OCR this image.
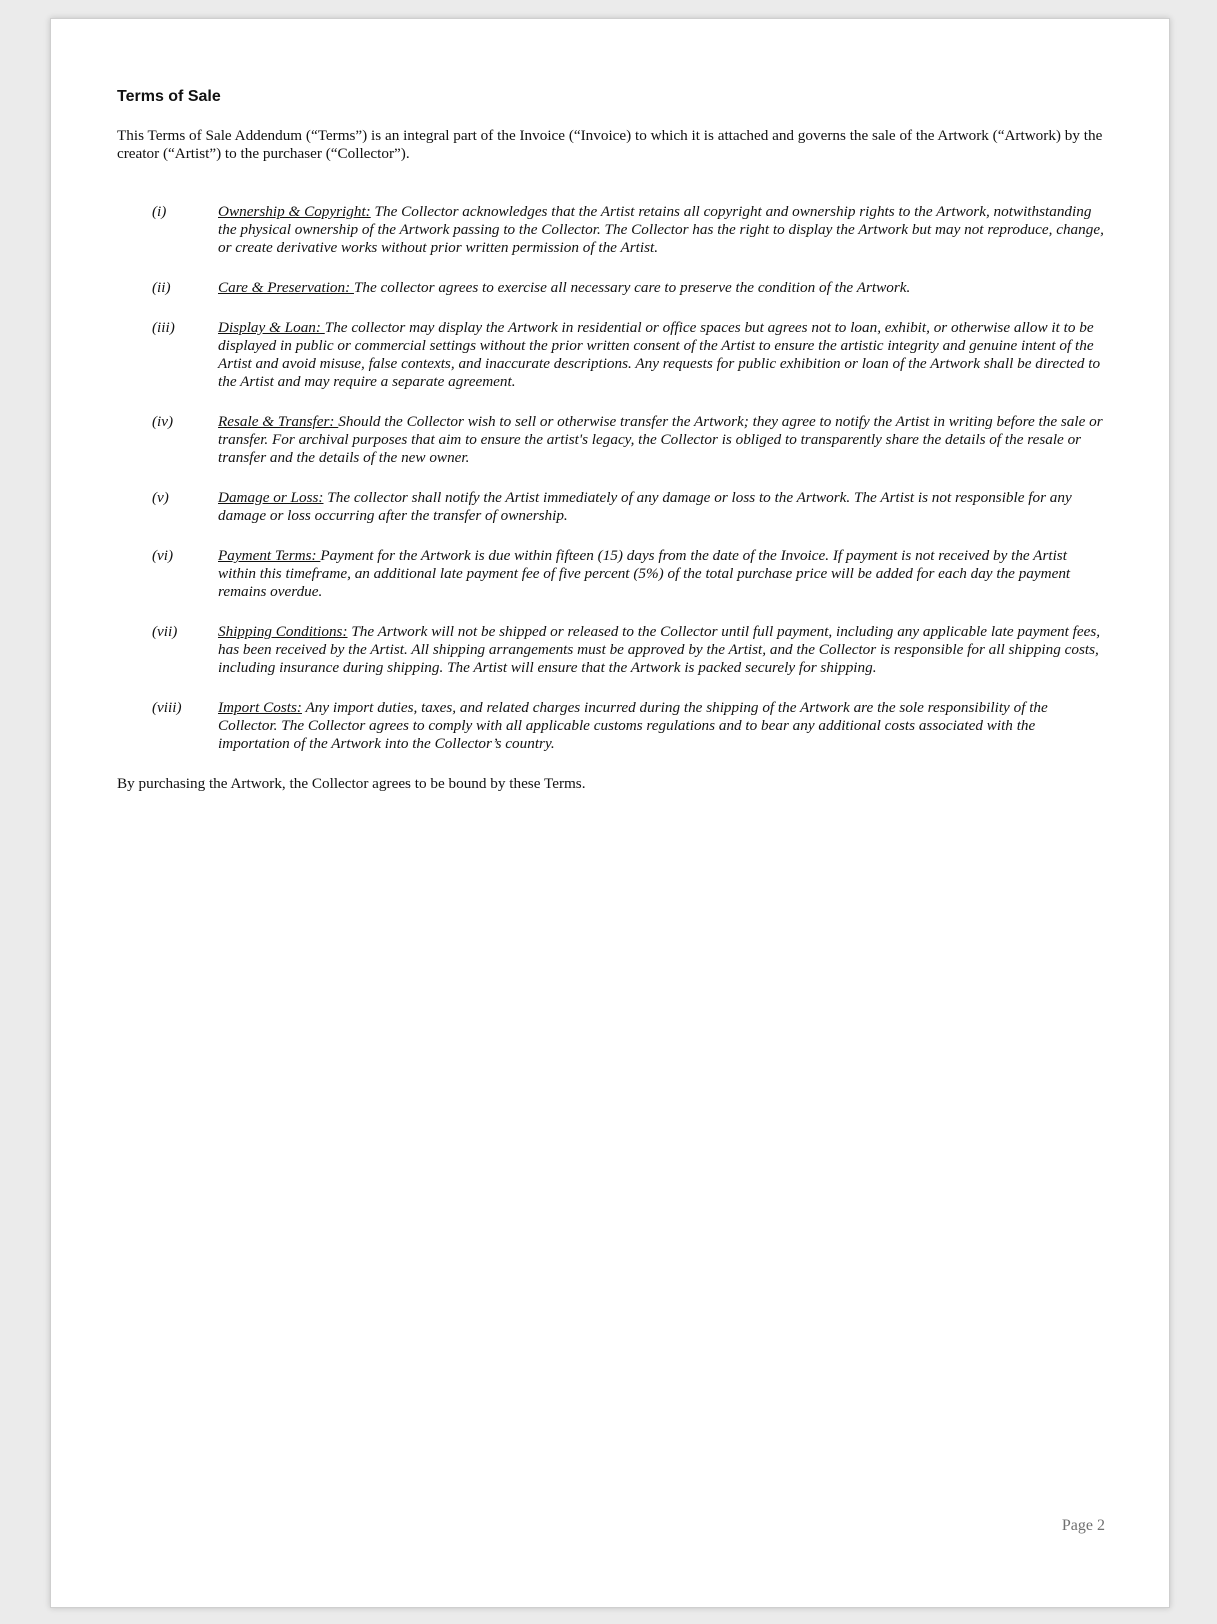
Terms of Sale

This Terms of Sale Addendum (“Terms”) is an integral part of the Invoice (“Invoice) to which it is attached and governs the sale of the Artwork (“Artwork) by the creator (“Artist”) to the purchaser (“Collector”).

(i)	Ownership & Copyright: The Collector acknowledges that the Artist retains all copyright and ownership rights to the Artwork, notwithstanding the physical ownership of the Artwork passing to the Collector. The Collector has the right to display the Artwork but may not reproduce, change, or create derivative works without prior written permission of the Artist.
(ii)	Care & Preservation: The collector agrees to exercise all necessary care to preserve the condition of the Artwork.
(iii)	Display & Loan: The collector may display the Artwork in residential or office spaces but agrees not to loan, exhibit, or otherwise allow it to be displayed in public or commercial settings without the prior written consent of the Artist to ensure the artistic integrity and genuine intent of the Artist and avoid misuse, false contexts, and inaccurate descriptions. Any requests for public exhibition or loan of the Artwork shall be directed to the Artist and may require a separate agreement.
(iv)	Resale & Transfer: Should the Collector wish to sell or otherwise transfer the Artwork; they agree to notify the Artist in writing before the sale or transfer. For archival purposes that aim to ensure the artist's legacy, the Collector is obliged to transparently share the details of the resale or transfer and the details of the new owner.
(v)	Damage or Loss: The collector shall notify the Artist immediately of any damage or loss to the Artwork. The Artist is not responsible for any damage or loss occurring after the transfer of ownership.
(vi)	Payment Terms: Payment for the Artwork is due within fifteen (15) days from the date of the Invoice. If payment is not received by the Artist within this timeframe, an additional late payment fee of five percent (5%) of the total purchase price will be added for each day the payment remains overdue.
(vii)	Shipping Conditions: The Artwork will not be shipped or released to the Collector until full payment, including any applicable late payment fees, has been received by the Artist. All shipping arrangements must be approved by the Artist, and the Collector is responsible for all shipping costs, including insurance during shipping. The Artist will ensure that the Artwork is packed securely for shipping.
(viii)	Import Costs: Any import duties, taxes, and related charges incurred during the shipping of the Artwork are the sole responsibility of the Collector. The Collector agrees to comply with all applicable customs regulations and to bear any additional costs associated with the importation of the Artwork into the Collector’s country.

By purchasing the Artwork, the Collector agrees to be bound by these Terms.

Page 2
